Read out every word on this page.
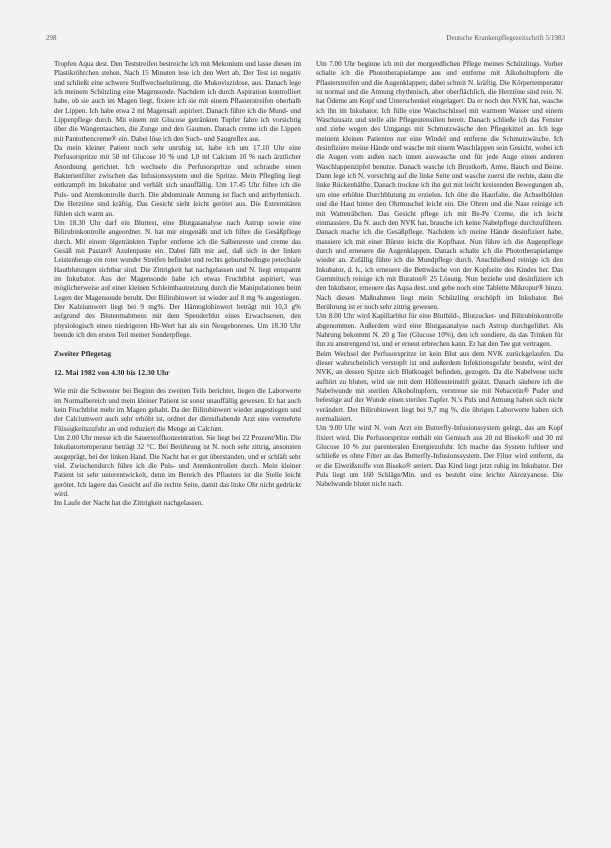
298	Deutsche Krankenpflegezeitschrift 5/1983

Tropfen Aqua dest. Den Teststreifen bestreiche ich mit Mekonium und lasse diesen im Plastikröhrchen stehen. Nach 15 Minuten lese ich den Wert ab. Der Test ist negativ und schließt eine schwere Stoffwechselstörung, die Mukoviszidose, aus. Danach lege ich meinem Schützling eine Magensonde. Nachdem ich durch Aspiration kontrolliert habe, ob sie auch im Magen liegt, fixiere ich sie mit einem Pflasterstreifen oberhalb der Lippen. Ich habe etwa 2 ml Magensaft aspiriert. Danach führe ich die Mund- und Lippenpflege durch. Mit einem mit Glucose getränkten Tupfer fahre ich vorsichtig über die Wangentaschen, die Zunge und den Gaumen. Danach creme ich die Lippen mit Pantothencreme® ein. Dabei löse ich den Such- und Saugreflex aus.

Da mein kleiner Patient noch sehr unruhig ist, habe ich um 17.10 Uhr eine Perfusorspritze mit 50 ml Glucose 10 % und 1,0 ml Calcium 10 % nach ärztlicher Anordnung gerichtet. Ich wechsele die Perfusorspritze und schraube einen Bakterienfilter zwischen das Infusionssystem und die Spritze. Mein Pflegling liegt entkrampft im Inkubator und verhält sich unauffällig. Um 17.45 Uhr führe ich die Puls- und Atemkontrolle durch. Die abdominale Atmung ist flach und arrhythmisch. Die Herztöne sind kräftig. Das Gesicht sieht leicht gerötet aus. Die Extremitäten fühlen sich warm an.

Um 18.30 Uhr darf ein Bluttest, eine Blutgasanalyse nach Astrup sowie eine Bilirubinkontrolle angeordnet. N. hat mir eingenäßt und ich führe die Gesäßpflege durch. Mit einem ölgetränkten Tupfer entferne ich die Salbenreste und creme das Gesäß mit Pastan® Azulenpaste ein. Dabei fällt mir auf, daß sich in der linken Leistenbeuge ein roter wunder Streifen befindet und rechts geburtsbedingte petechiale Hautblutungen sichtbar sind. Die Zittrigkeit hat nachgelassen und N. liegt entspannt im Inkubator. Aus der Magensonde habe ich etwas Fruchtblut aspiriert, was möglicherweise auf einer kleinen Schleimhautreizung durch die Manipulationen beim Legen der Magensonde beruht. Der Bilirubinwert ist wieder auf 8 mg % angestiegen. Der Kalziumwert liegt bei 9 mg%. Der Hämoglobinwert beträgt mit 10,3 g% aufgrund des Blutentnahmens mit dem Spenderblut eines Erwachsenen, den physiologisch einen niedrigeren Hb-Wert hat als ein Neugeborenes. Um 18.30 Uhr beende ich den ersten Teil meiner Sonderpflege.

Zweiter Pflegetag
12. Mai 1982 von 4.30 bis 12.30 Uhr

Wie mir die Schwester bei Beginn des zweiten Teils berichtet, liegen die Laborwerte im Normalbereich und mein kleiner Patient ist sonst unauffällig gewesen. Er hat auch kein Fruchtblut mehr im Magen gehabt. Da der Bilirubinwert wieder angestiegen und der Calciumwert auch sehr erhöht ist, ordnet der diensthabende Arzt eine vermehrte Flüssigkeitszufuhr an und reduziert die Menge an Calcium.

Um 2.00 Uhr messe ich die Sauerstoffkonzentration. Sie liegt bei 22 Prozent/Min. Die Inkubatortemperatur beträgt 32 °C. Bei Berührung ist N. noch sehr zittrig, ansonsten ausgeprägt, bei der linken Hand. Die Nacht hat er gut überstanden, und er schläft sehr viel. Zwischendurch führe ich die Puls- und Atemkontrollen durch. Mein kleiner Patient ist sehr unterentwickelt, denn im Bereich des Pflasters ist die Stelle leicht gerötet. Ich lagere das Gesicht auf die rechte Seite, damit das linke Ohr nicht gedrückt wird.

Im Laufe der Nacht hat die Zittrigkeit nachgelassen.

Um 7.00 Uhr beginne ich mit der morgendlichen Pflege meines Schützlings. Vorher schalte ich die Phototherapielampe aus und entferne mit Alkoholtupfern die Pflasterstreifen und die Augenklappen; dabei schreit N. kräftig. Die Körpertemperatur ist normal und die Atmung rhythmisch, aber oberflächlich, die Herztöne sind rein. N. hat Ödeme am Kopf und Unterschenkel eingelagert. Da er noch den NVK hat, wasche ich ihn im Inkubator. Ich fülle eine Waschschüssel mit warmem Wasser und einem Waschzusatz und stelle alle Pflegeutensilien bereit. Danach schließe ich das Fenster und ziehe wegen des Umgangs mit Schmutzwäsche den Pflegekittel an. Ich lege meinem kleinen Patienten nur eine Windel und entferne die Schmutzwäsche. Ich desinfiziere meine Hände und wasche mit einem Waschlappen sein Gesicht, wobei ich die Augen vom außen nach innen auswasche und für jede Auge einen anderen Waschlappenzipfel benutze. Danach wasche ich Brustkorb, Arme, Bauch und Beine. Dann lege ich N. vorsichtig auf die linke Seite und wasche zuerst die rechte, dann die linke Rückenhälfte. Danach trockne ich ihn gut mit leicht kreisenden Bewegungen ab, um eine erhöhte Durchblutung zu erzielen. Ich ölte die Hautfalte, die Achselhöhlen und die Haut hinter den Ohrmuschel leicht ein. Die Ohren und die Nase reinige ich mit Watteträbchen. Das Gesicht pflege ich mit Be-Pe Creme, die ich leicht einmassiere. Da N. auch den NVK hat, brauche ich keine Nabelpflege durchzuführen. Danach mache ich die Gesäßpflege. Nachdem ich meine Hände desinfiziert habe, massiere ich mit einer Bürste leicht die Kopfhaut. Nun führe ich die Augenpflege durch und erneuere die Augenklappen. Danach schalte ich die Phototherapielampe wieder an. Zufällig führe ich die Mundpflege durch. Anschließend reinige ich den Inkubator, d. h., ich erneuere die Bettwäsche von der Kopfseite des Kindes her. Das Gummituch reinige ich mit Buraton® 25 Lösung. Nun beziehe und desinfiziere ich den Inkubator, erneuere das Aqua dest. und gebe noch eine Tablette Mikropur® hinzu. Nach diesen Maßnahmen liegt mein Schützling erschöpft im Inkubator. Bei Berührung ist er noch sehr zittrig gewesen.

Um 8.00 Uhr wird Kapillarblut für eine Blutbild-, Blutzucker- und Bilirubinkontrolle abgenommen. Außerdem wird eine Blutgasanalyse nach Astrup durchgeführt. Als Nahrung bekommt N. 20 g Tee (Glucose 10%), den ich sondiere, da das Trinken für ihn zu anstrengend ist, und er erneut erbrechen kann. Er hat den Tee gut vertragen.

Beim Wechsel der Perfusorspritze ist kein Blut aus dem NVK zurückgelaufen. Da dieser wahrscheinlich verstopft ist und außerdem Infektionsgefahr besteht, wird der NVK, an dessen Spitze sich Blutkoagel befinden, gezogen. Da die Nabelvene nicht aufhört zu bluten, wird sie mit dem Höllensteinstift geätzt. Danach säubere ich die Nabelwunde mit sterilen Alkoholtupfern, verstreue sie mit Nebacetin® Puder und befestige auf der Wunde einen sterilen Tupfer. N.'s Puls und Atmung haben sich nicht verändert. Der Bilirubinwert liegt bei 9,7 mg %, die übrigen Laborwerte haben sich normalisiert.

Um 9.00 Uhr wird N. vom Arzt ein Butterfly-Infusionssystem gelegt, das am Kopf fixiert wird. Die Perfusorspritze enthält ein Gemisch aus 20 ml Biseko® und 30 ml Glucose 10 % zur parenteralen Energiezufuhr. Ich mache das System luftleer und schließe es ohne Filter an das Butterfly-Infusionssystem. Der Filter wird entfernt, da er die Eiweißstoffe von Biseko® seriert. Das Kind liegt jetzt ruhig im Inkubator. Der Puls liegt um 160 Schläge/Min. und es besteht eine leichte Akrozyanose. Die Nabelwunde blutet nicht nach.
